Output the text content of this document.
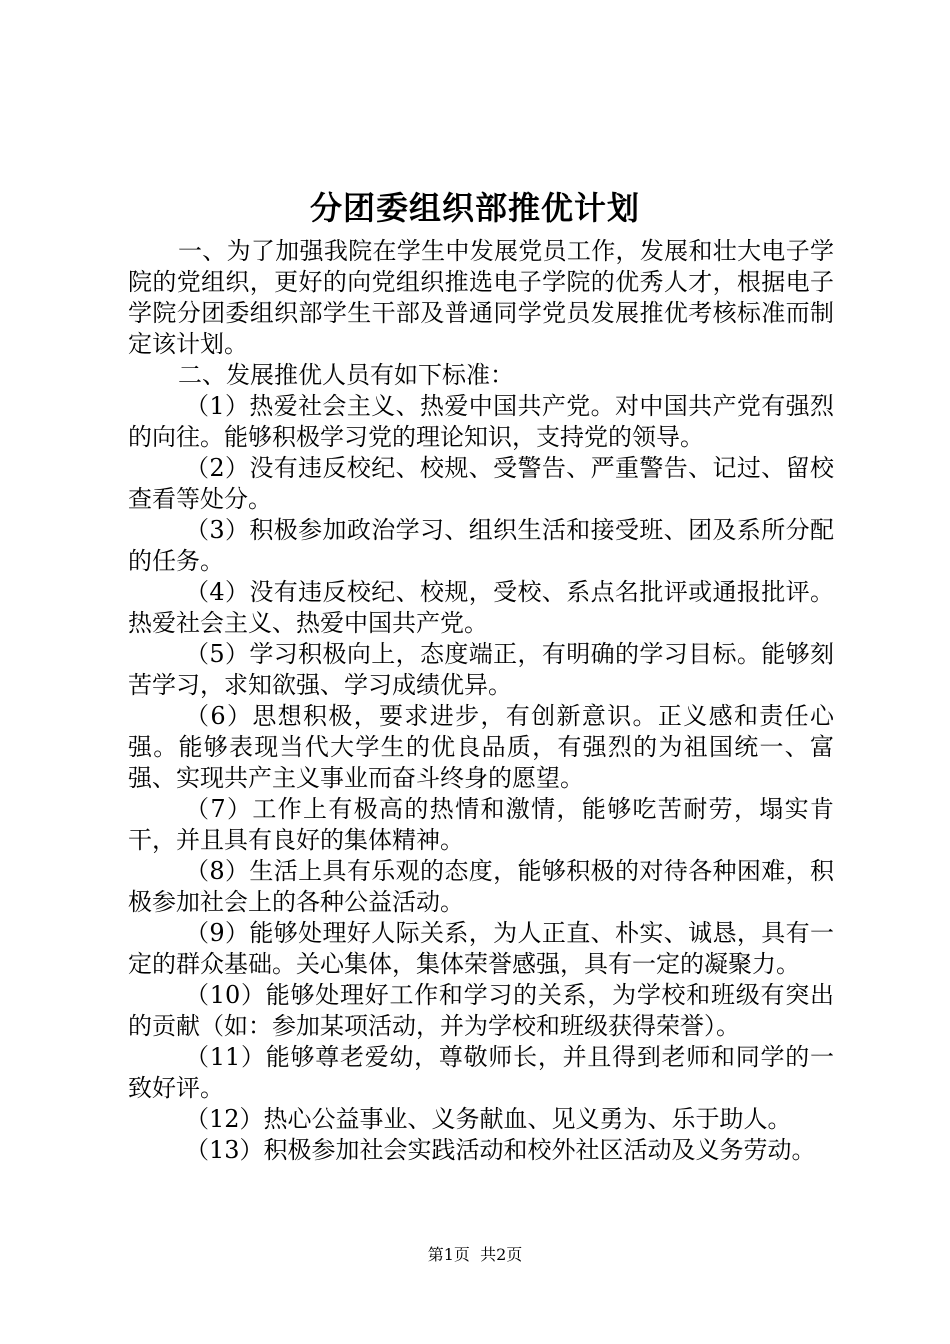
分团委组织部推优计划

一、为了加强我院在学生中发展党员工作，发展和壮大电子学院的党组织，更好的向党组织推选电子学院的优秀人才，根据电子学院分团委组织部学生干部及普通同学党员发展推优考核标准而制定该计划。

二、发展推优人员有如下标准：

（1）热爱社会主义、热爱中国共产党。对中国共产党有强烈的向往。能够积极学习党的理论知识，支持党的领导。

（2）没有违反校纪、校规、受警告、严重警告、记过、留校查看等处分。

（3）积极参加政治学习、组织生活和接受班、团及系所分配的任务。

（4）没有违反校纪、校规，受校、系点名批评或通报批评。热爱社会主义、热爱中国共产党。

（5）学习积极向上，态度端正，有明确的学习目标。能够刻苦学习，求知欲强、学习成绩优异。

（6）思想积极，要求进步，有创新意识。正义感和责任心强。能够表现当代大学生的优良品质，有强烈的为祖国统一、富强、实现共产主义事业而奋斗终身的愿望。

（7）工作上有极高的热情和激情，能够吃苦耐劳，塌实肯干，并且具有良好的集体精神。

（8）生活上具有乐观的态度，能够积极的对待各种困难，积极参加社会上的各种公益活动。

（9）能够处理好人际关系，为人正直、朴实、诚恳，具有一定的群众基础。关心集体，集体荣誉感强，具有一定的凝聚力。

（10）能够处理好工作和学习的关系，为学校和班级有突出的贡献（如：参加某项活动，并为学校和班级获得荣誉）。

（11）能够尊老爱幼，尊敬师长，并且得到老师和同学的一致好评。

（12）热心公益事业、义务献血、见义勇为、乐于助人。

（13）积极参加社会实践活动和校外社区活动及义务劳动。

第1页 共2页
